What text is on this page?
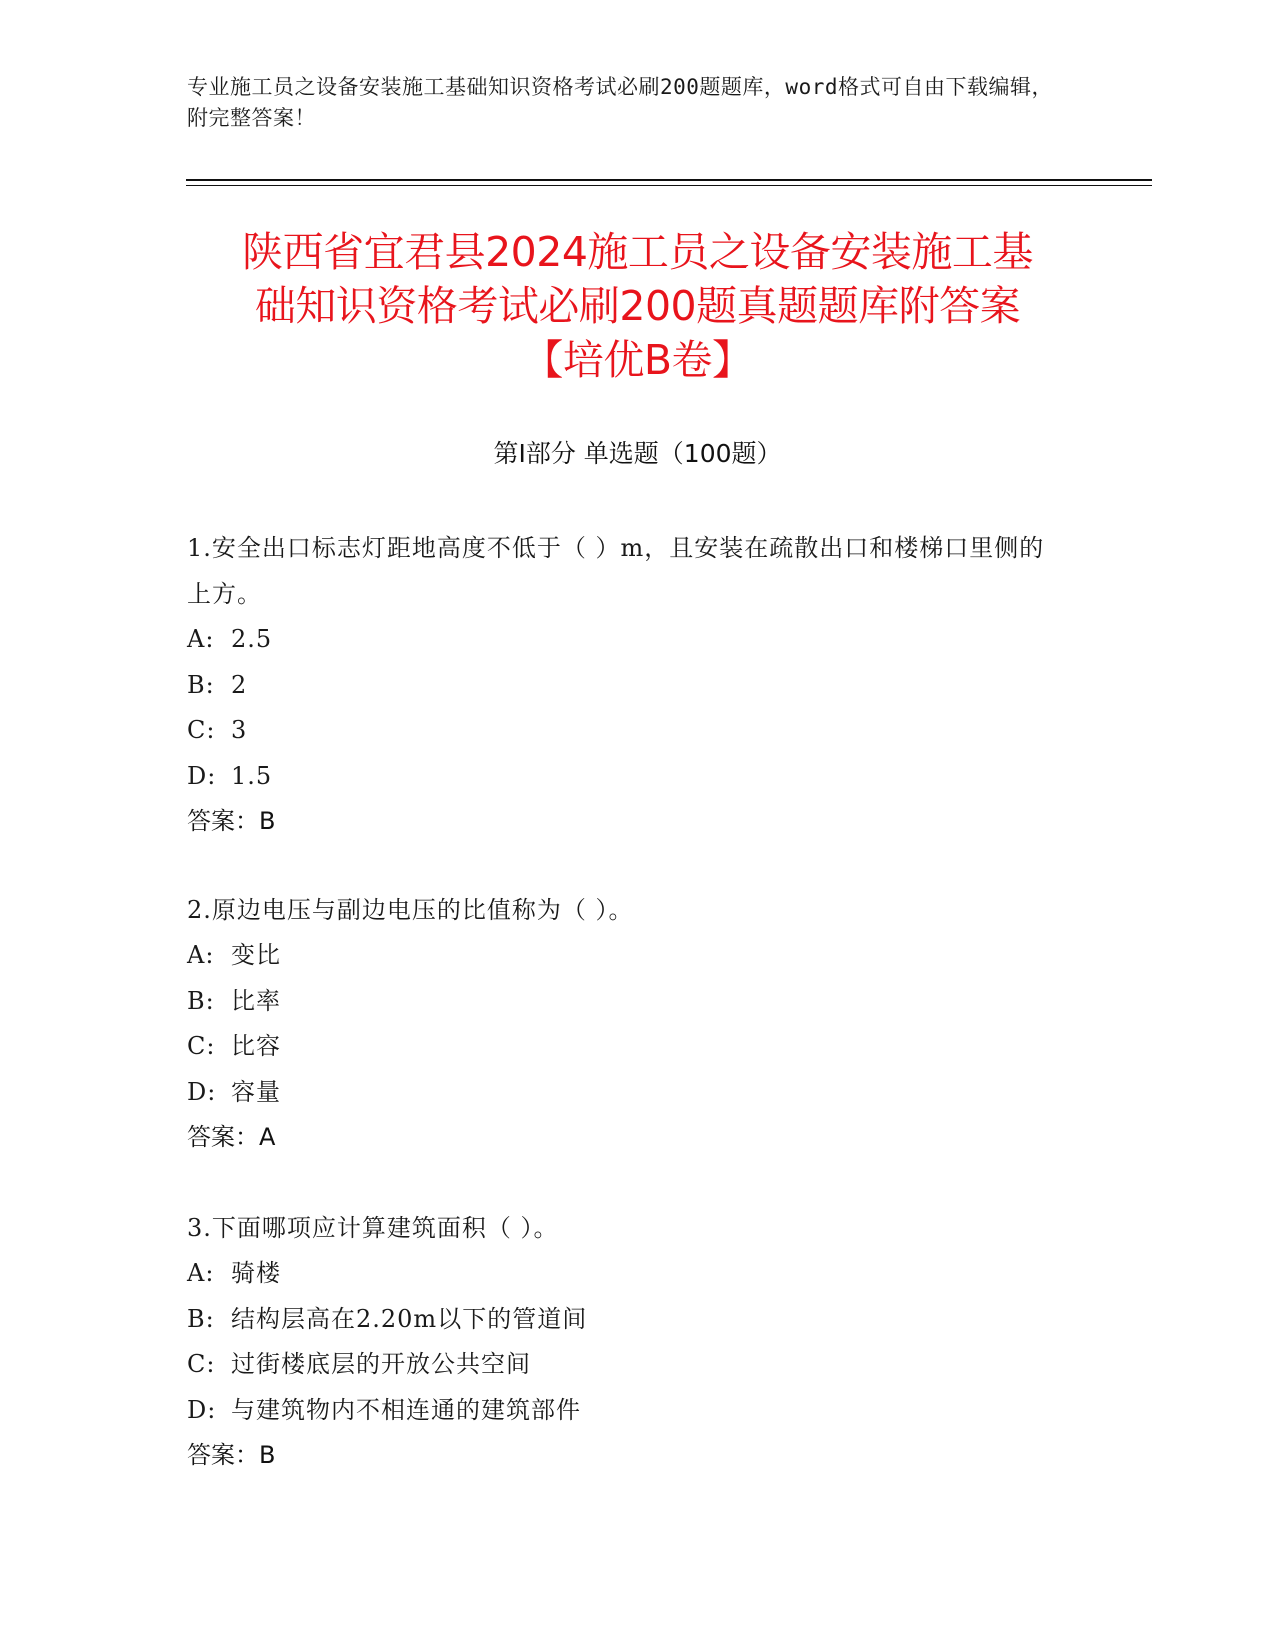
专业施工员之设备安装施工基础知识资格考试必刷200题题库，word格式可自由下载编辑，附完整答案！
陕西省宜君县2024施工员之设备安装施工基
础知识资格考试必刷200题真题题库附答案
【培优B卷】
第I部分 单选题（100题）
1.安全出口标志灯距地高度不低于（ ）m，且安装在疏散出口和楼梯口里侧的上方。
A: 2.5
B: 2
C: 3
D: 1.5
答案：B
2.原边电压与副边电压的比值称为（ ）。
A: 变比
B: 比率
C: 比容
D: 容量
答案：A
3.下面哪项应计算建筑面积（ ）。
A: 骑楼
B: 结构层高在2.20m以下的管道间
C: 过街楼底层的开放公共空间
D: 与建筑物内不相连通的建筑部件
答案：B
